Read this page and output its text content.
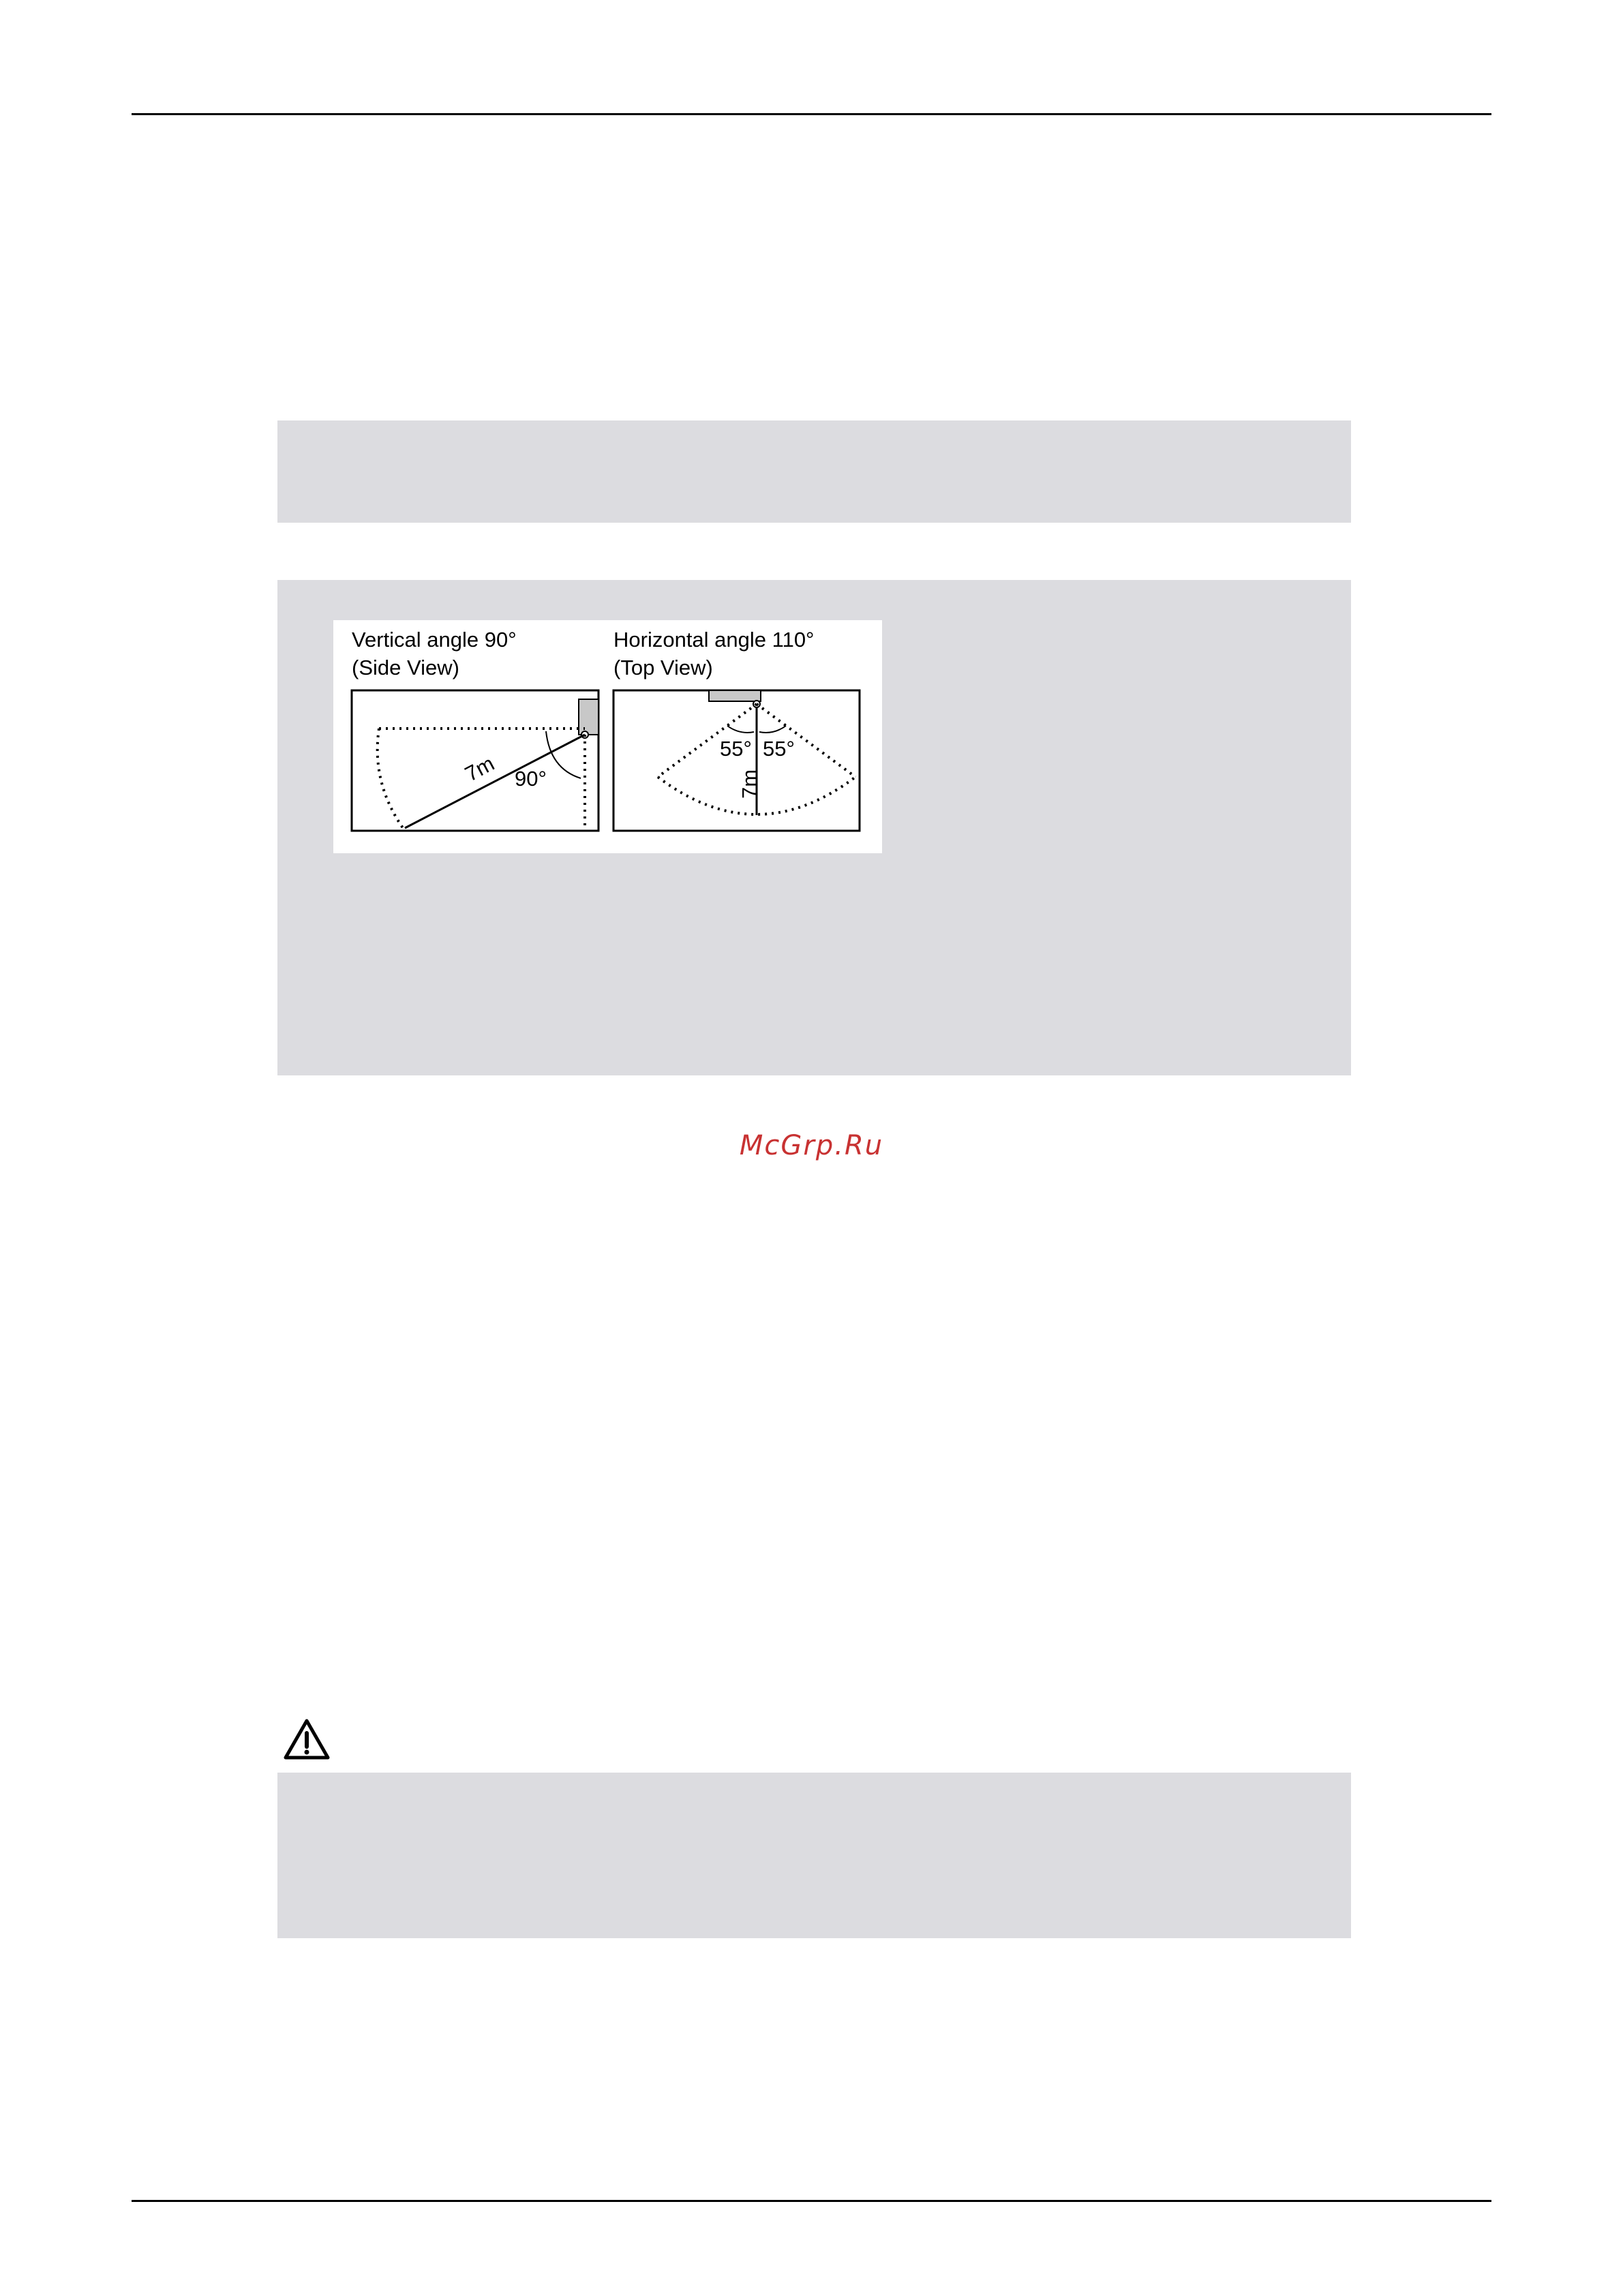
Vertical angle 90°
(Side View)
Horizontal angle 110°
(Top View)
7m 90°
55° 55°
7m
McGrp.Ru
